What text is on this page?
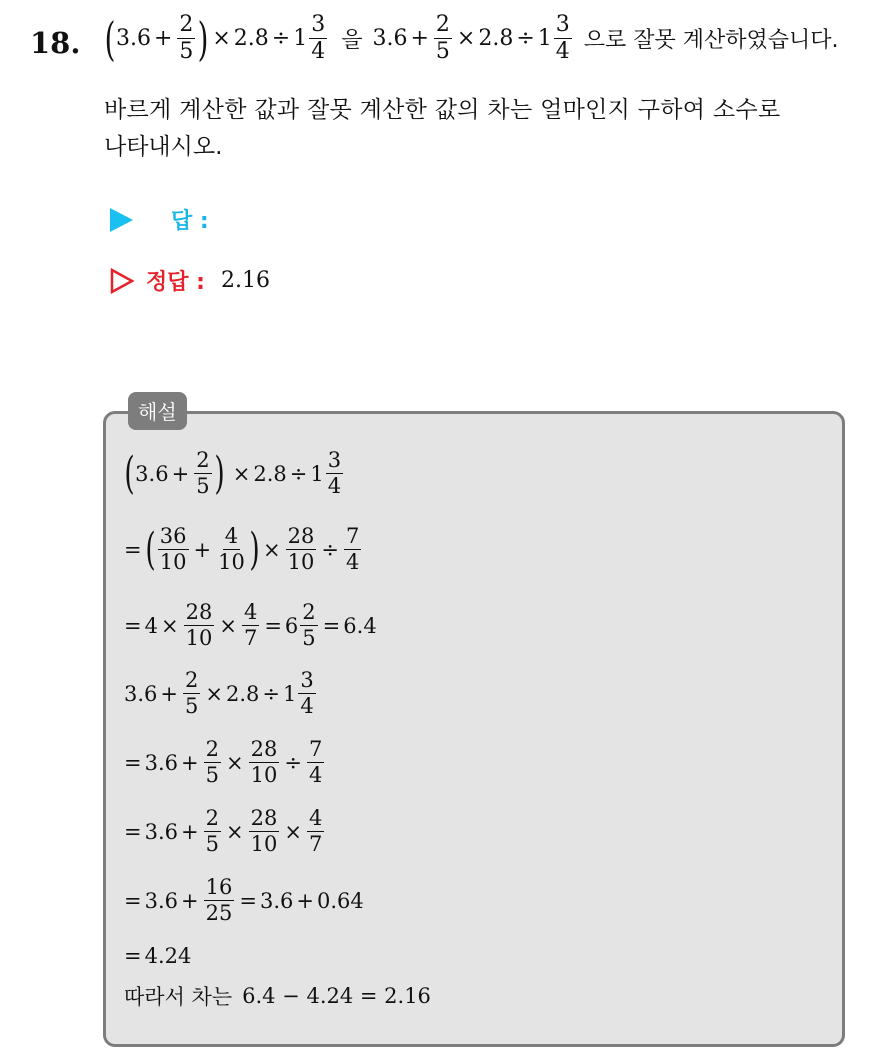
18. ( $3.6 + \frac{2}{5}$ ) × $2.8 \div 1 \frac{3}{4}$ 을 $3.6 + \frac{2}{5} \times 2.8 \div 1 \frac{3}{4}$ 으로 잘못 계산하였습니다.
바르게 계산한 값과 잘못 계산한 값의 차는 얼마인지 구하여 소수로
나타내시오.
답 :
정답 : 2.16
해설
( $3.6 + \frac{2}{5}$ ) × $2.8 \div 1 \frac{3}{4}$
= ( $\frac{36}{10} + \frac{4}{10}$ ) × $\frac{28}{10} \div \frac{7}{4}$
= $4 \times \frac{28}{10} \times \frac{4}{7} = 6 \frac{2}{5} = 6.4$
$3.6 + \frac{2}{5} \times 2.8 \div 1 \frac{3}{4}$
= $3.6 + \frac{2}{5} \times \frac{28}{10} \div \frac{7}{4}$
= $3.6 + \frac{2}{5} \times \frac{28}{10} \times \frac{4}{7}$
= $3.6 + \frac{16}{25} = 3.6 + 0.64$
= 4.24
따라서 차는 6.4 − 4.24 = 2.16
